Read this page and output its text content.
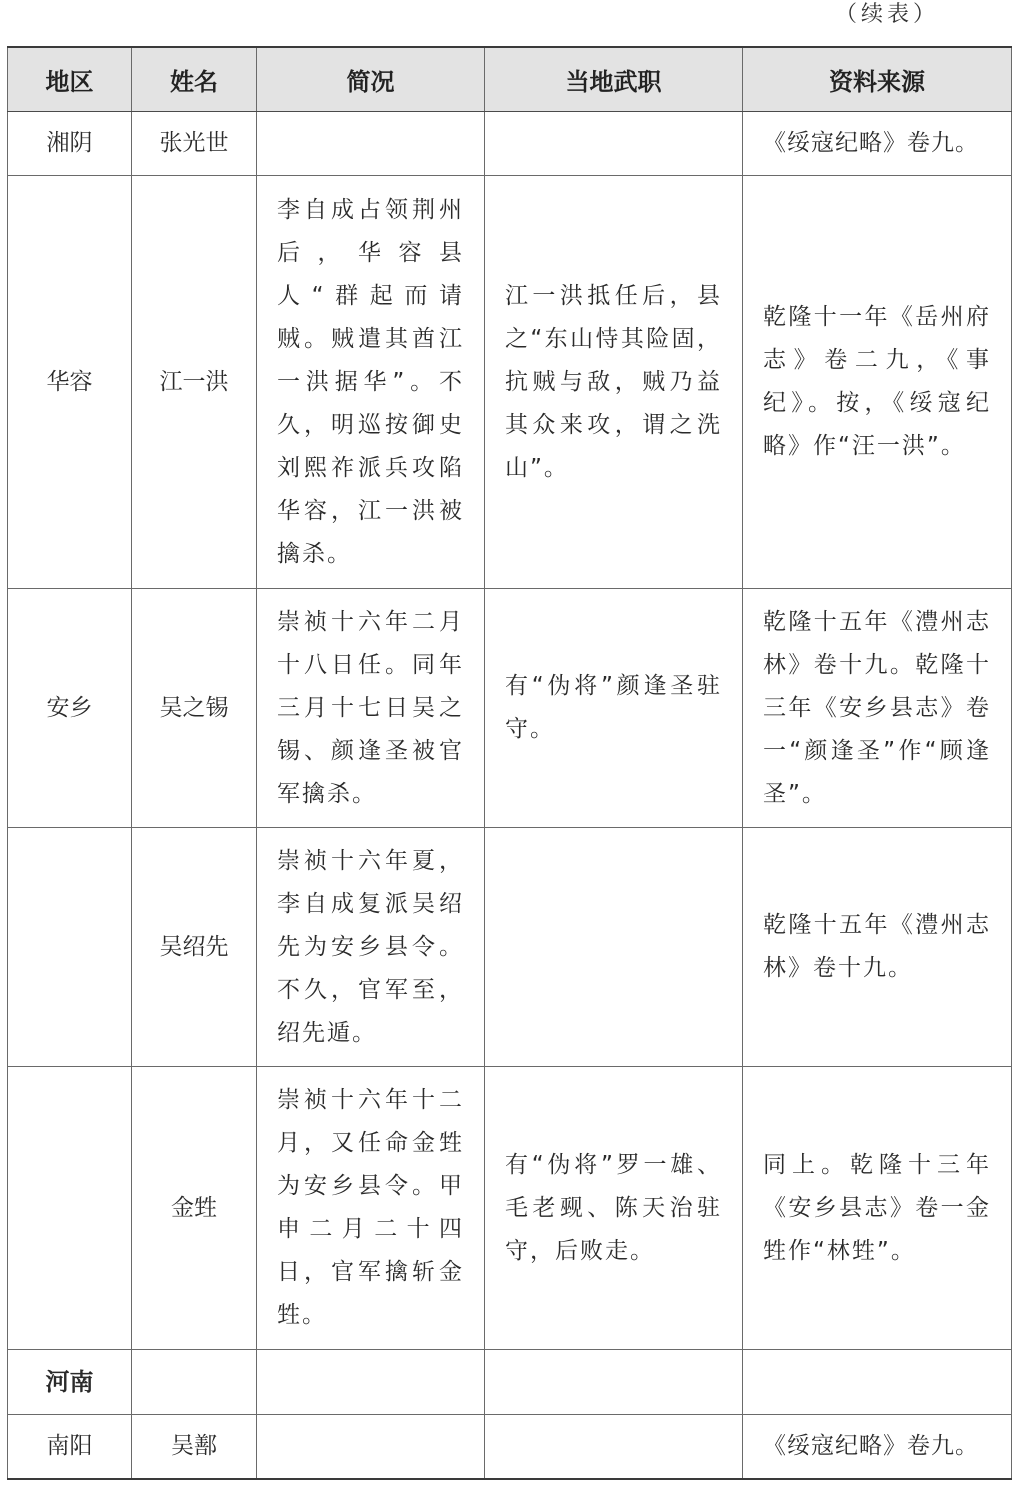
（续表）
地区	姓名	简况	当地武职	资料来源
湘阴	张光世			《绥寇纪略》卷九。
华容	江一洪	李自成占领荆州后，华容县人“群起而请贼。贼遣其酋江一洪据华”。不久，明巡按御史刘熙祚派兵攻陷华容，江一洪被擒杀。	江一洪抵任后，县之“东山恃其险固，抗贼与敌，贼乃益其众来攻，谓之洗山”。	乾隆十一年《岳州府志》卷二九，《事纪》。按，《绥寇纪略》作“汪一洪”。
安乡	吴之锡	崇祯十六年二月十八日任。同年三月十七日吴之锡、颜逢圣被官军擒杀。	有“伪将”颜逢圣驻守。	乾隆十五年《澧州志林》卷十九。乾隆十三年《安乡县志》卷一“颜逢圣”作“顾逢圣”。
	吴绍先	崇祯十六年夏，李自成复派吴绍先为安乡县令。不久，官军至，绍先遁。		乾隆十五年《澧州志林》卷十九。
	金甡	崇祯十六年十二月，又任命金甡为安乡县令。甲申二月二十四日，官军擒斩金甡。	有“伪将”罗一雄、毛老觋、陈天治驻守，后败走。	同上。乾隆十三年《安乡县志》卷一金甡作“林甡”。
河南				
南阳	吴鄯			《绥寇纪略》卷九。
